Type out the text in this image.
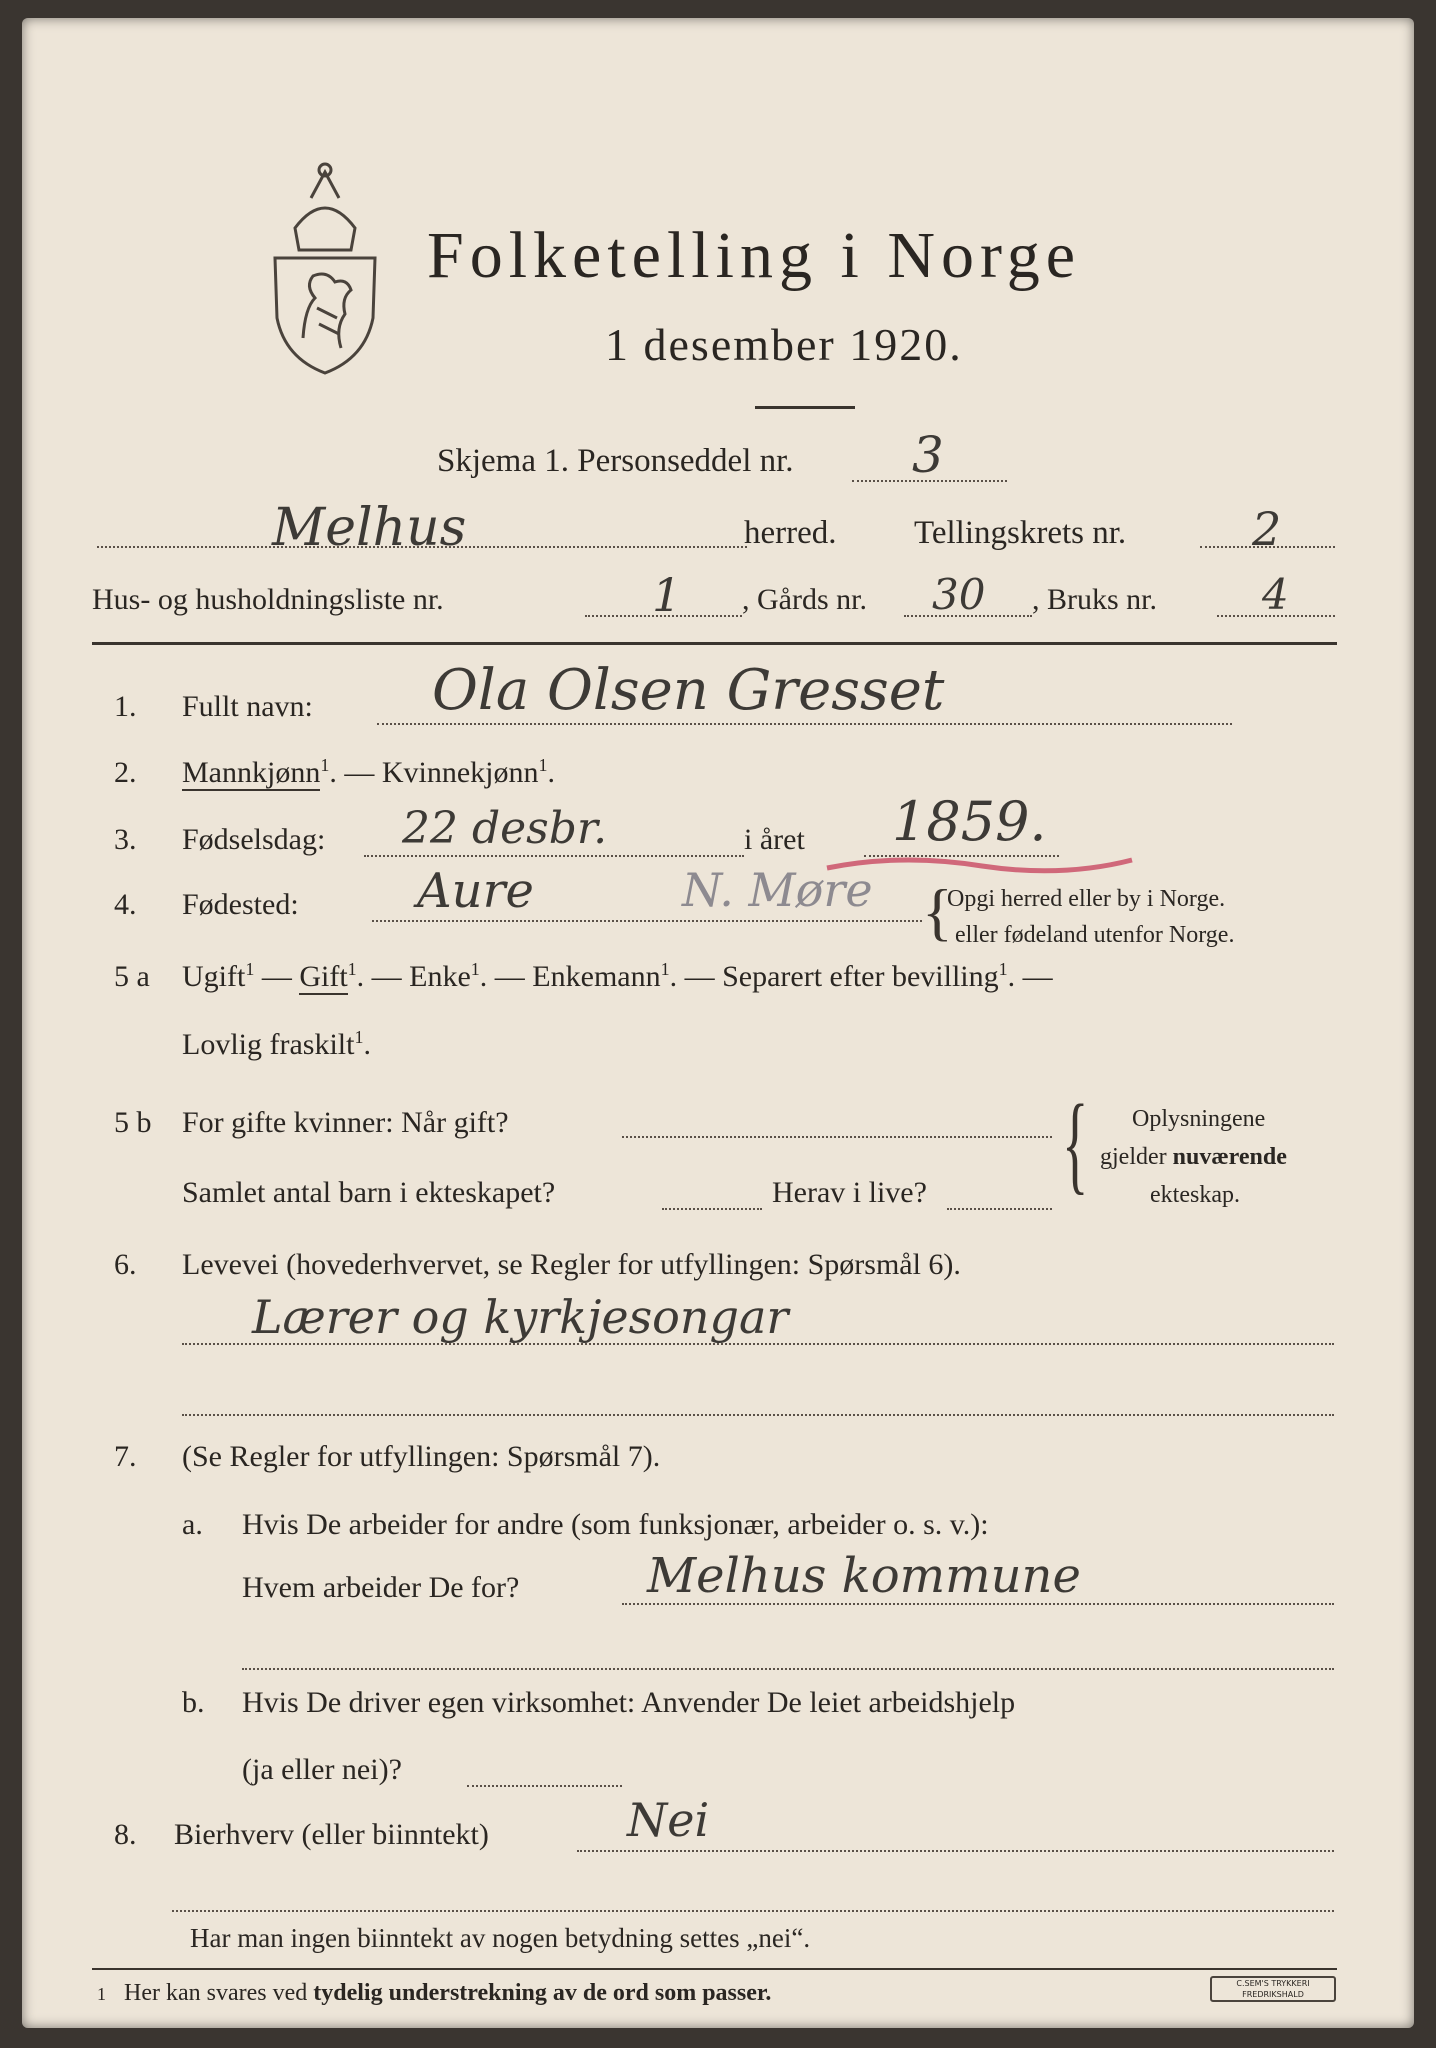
Folketelling i Norge
1 desember 1920.
Skjema 1. Personseddel nr. 3
Melhus	herred. Tellingskrets nr.	2
Hus- og husholdningsliste nr.	1 , Gårds nr. 30 , Bruks nr. 4
1. Fullt navn: Ola Olsen Gresset
2. Mannkjønn$^1$. — Kvinnekjønn$^1$.
3. Fødselsdag: 22 desbr.	i året 1859.
4. Fødested: Aure	N. Møre {
Opgi herred eller by i Norge.
eller fødeland utenfor Norge.
5 a Ugift$^1$ — Gift$^1$. — Enke$^1$. — Enkemann$^1$. — Separert efter bevilling$^1$. —
Lovlig fraskilt$^1$.
5 b For gifte kvinner: Når gift?
Samlet antal barn i ekteskapet?	Herav i live? { Oplysningene
gjelder nuværende
ekteskap.
6. Levevei (hovederhvervet, se Regler for utfyllingen: Spørsmål 6).
Lærer og kyrkjesongar
7. (Se Regler for utfyllingen: Spørsmål 7).
a. Hvis De arbeider for andre (som funksjonær, arbeider o. s. v.):
Hvem arbeider De for?	Melhus kommune
b. Hvis De driver egen virksomhet: Anvender De leiet arbeidshjelp
(ja eller nei)?
8. Bierhverv (eller biinntekt)	Nei
Har man ingen biinntekt av nogen betydning settes „nei“.
1 Her kan svares ved tydelig understrekning av de ord som passer.	C.SEM'S TRYKKERI
FREDRIKSHALD
